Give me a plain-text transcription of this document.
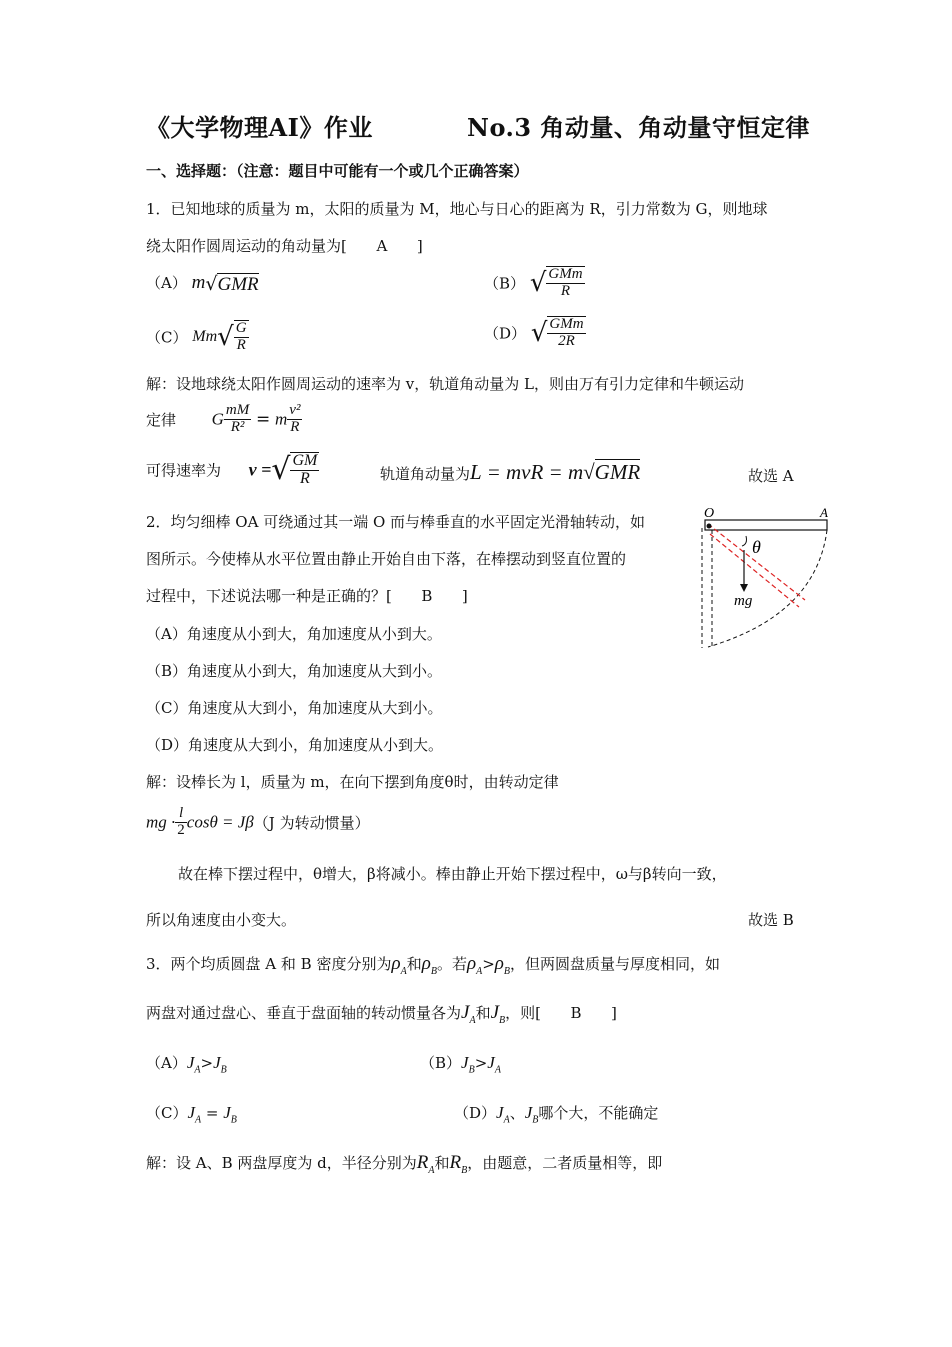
《大学物理AI》作业	No.3 角动量、角动量守恒定律
一、选择题：（注意：题目中可能有一个或几个正确答案）
1．已知地球的质量为 m，太阳的质量为 M，地心与日心的距离为 R，引力常数为 G，则地球
绕太阳作圆周运动的角动量为[ A ]
（A） m√GMR	（B） √ $\frac{\text{GMm}}{R}$
（C） $Mm√ \frac{G}{R}$	（D） √ $\frac{\text{GMm}}{2R}$
解：设地球绕太阳作圆周运动的速率为 v，轨道角动量为 L，则由万有引力定律和牛顿运动
定律 G $\frac{mM}{\text{R²}} = m \frac{\text{v²}}{R}$
可得速率为 v =√ $\frac{GM}{R}$	轨道角动量为L = mvR = m√GMR	故选 A
2．均匀细棒 OA 可绕通过其一端 O 而与棒垂直的水平固定光滑轴转动，如
图所示。今使棒从水平位置由静止开始自由下落，在棒摆动到竖直位置的
过程中，下述说法哪一种是正确的？[ B ]
（A）角速度从小到大，角加速度从小到大。
（B）角速度从小到大，角加速度从大到小。
（C）角速度从大到小，角加速度从大到小。
（D）角速度从大到小，角加速度从小到大。
O	A
θ
mg
解：设棒长为 l，质量为 m，在向下摆到角度θ时，由转动定律
mg · $\frac{l}{2}$ cosθ = Jβ（J 为转动惯量）
故在棒下摆过程中，θ增大，β将减小。棒由静止开始下摆过程中，ω与β转向一致，
所以角速度由小变大。	故选 B
3．两个均质圆盘 A 和 B 密度分别为$\rho_A$和$\rho_B$。若$\rho_A>\rho_B$，但两圆盘质量与厚度相同，如
两盘对通过盘心、垂直于盘面轴的转动惯量各为$J_A$和$J_B$，则[ B ]
$(A)J_A>J_B$	$(B)J_B>J_A$
$(C)J_A = J_B$	$(D)J_A$、$J_B$哪个大，不能确定
解：设 A、B 两盘厚度为 d，半径分别为$R_A$和$R_B$，由题意，二者质量相等，即
